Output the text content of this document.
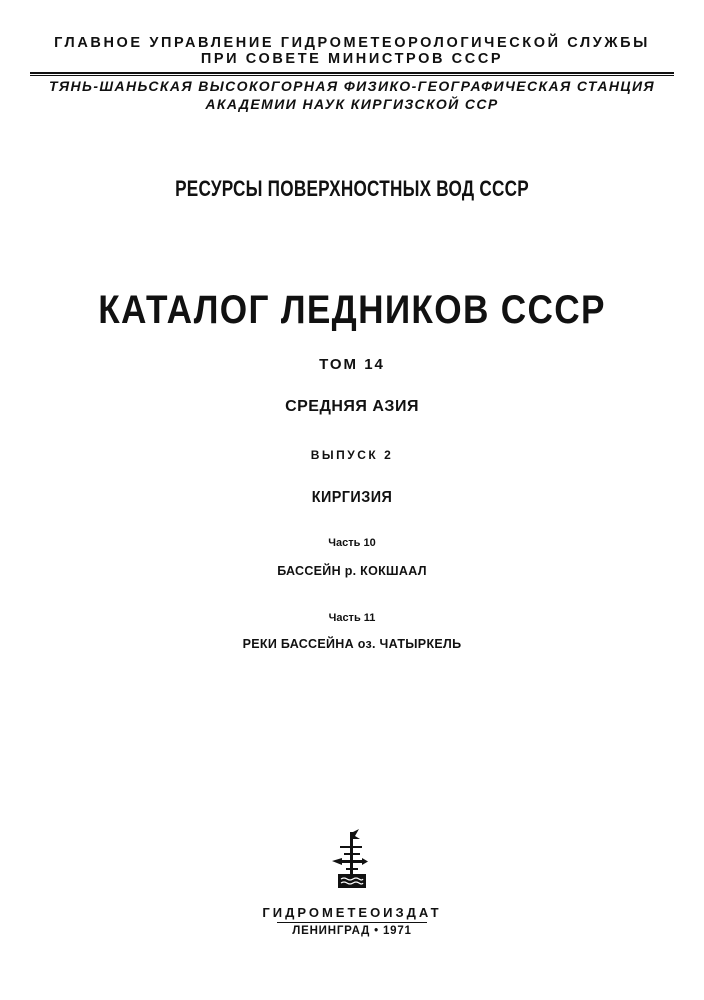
ГЛАВНОЕ УПРАВЛЕНИЕ ГИДРОМЕТЕОРОЛОГИЧЕСКОЙ СЛУЖБЫ
ПРИ СОВЕТЕ МИНИСТРОВ СССР
ТЯНЬ-ШАНЬСКАЯ ВЫСОКОГОРНАЯ ФИЗИКО-ГЕОГРАФИЧЕСКАЯ СТАНЦИЯ
АКАДЕМИИ НАУК КИРГИЗСКОЙ ССР
РЕСУРСЫ ПОВЕРХНОСТНЫХ ВОД СССР
КАТАЛОГ ЛЕДНИКОВ СССР
ТОМ 14
СРЕДНЯЯ АЗИЯ
ВЫПУСК 2
КИРГИЗИЯ
Часть 10
БАССЕЙН р. КОКШААЛ
Часть 11
РЕКИ БАССЕЙНА оз. ЧАТЫРКЕЛЬ
ГИДРОМЕТЕОИЗДАТ
ЛЕНИНГРАД • 1971
